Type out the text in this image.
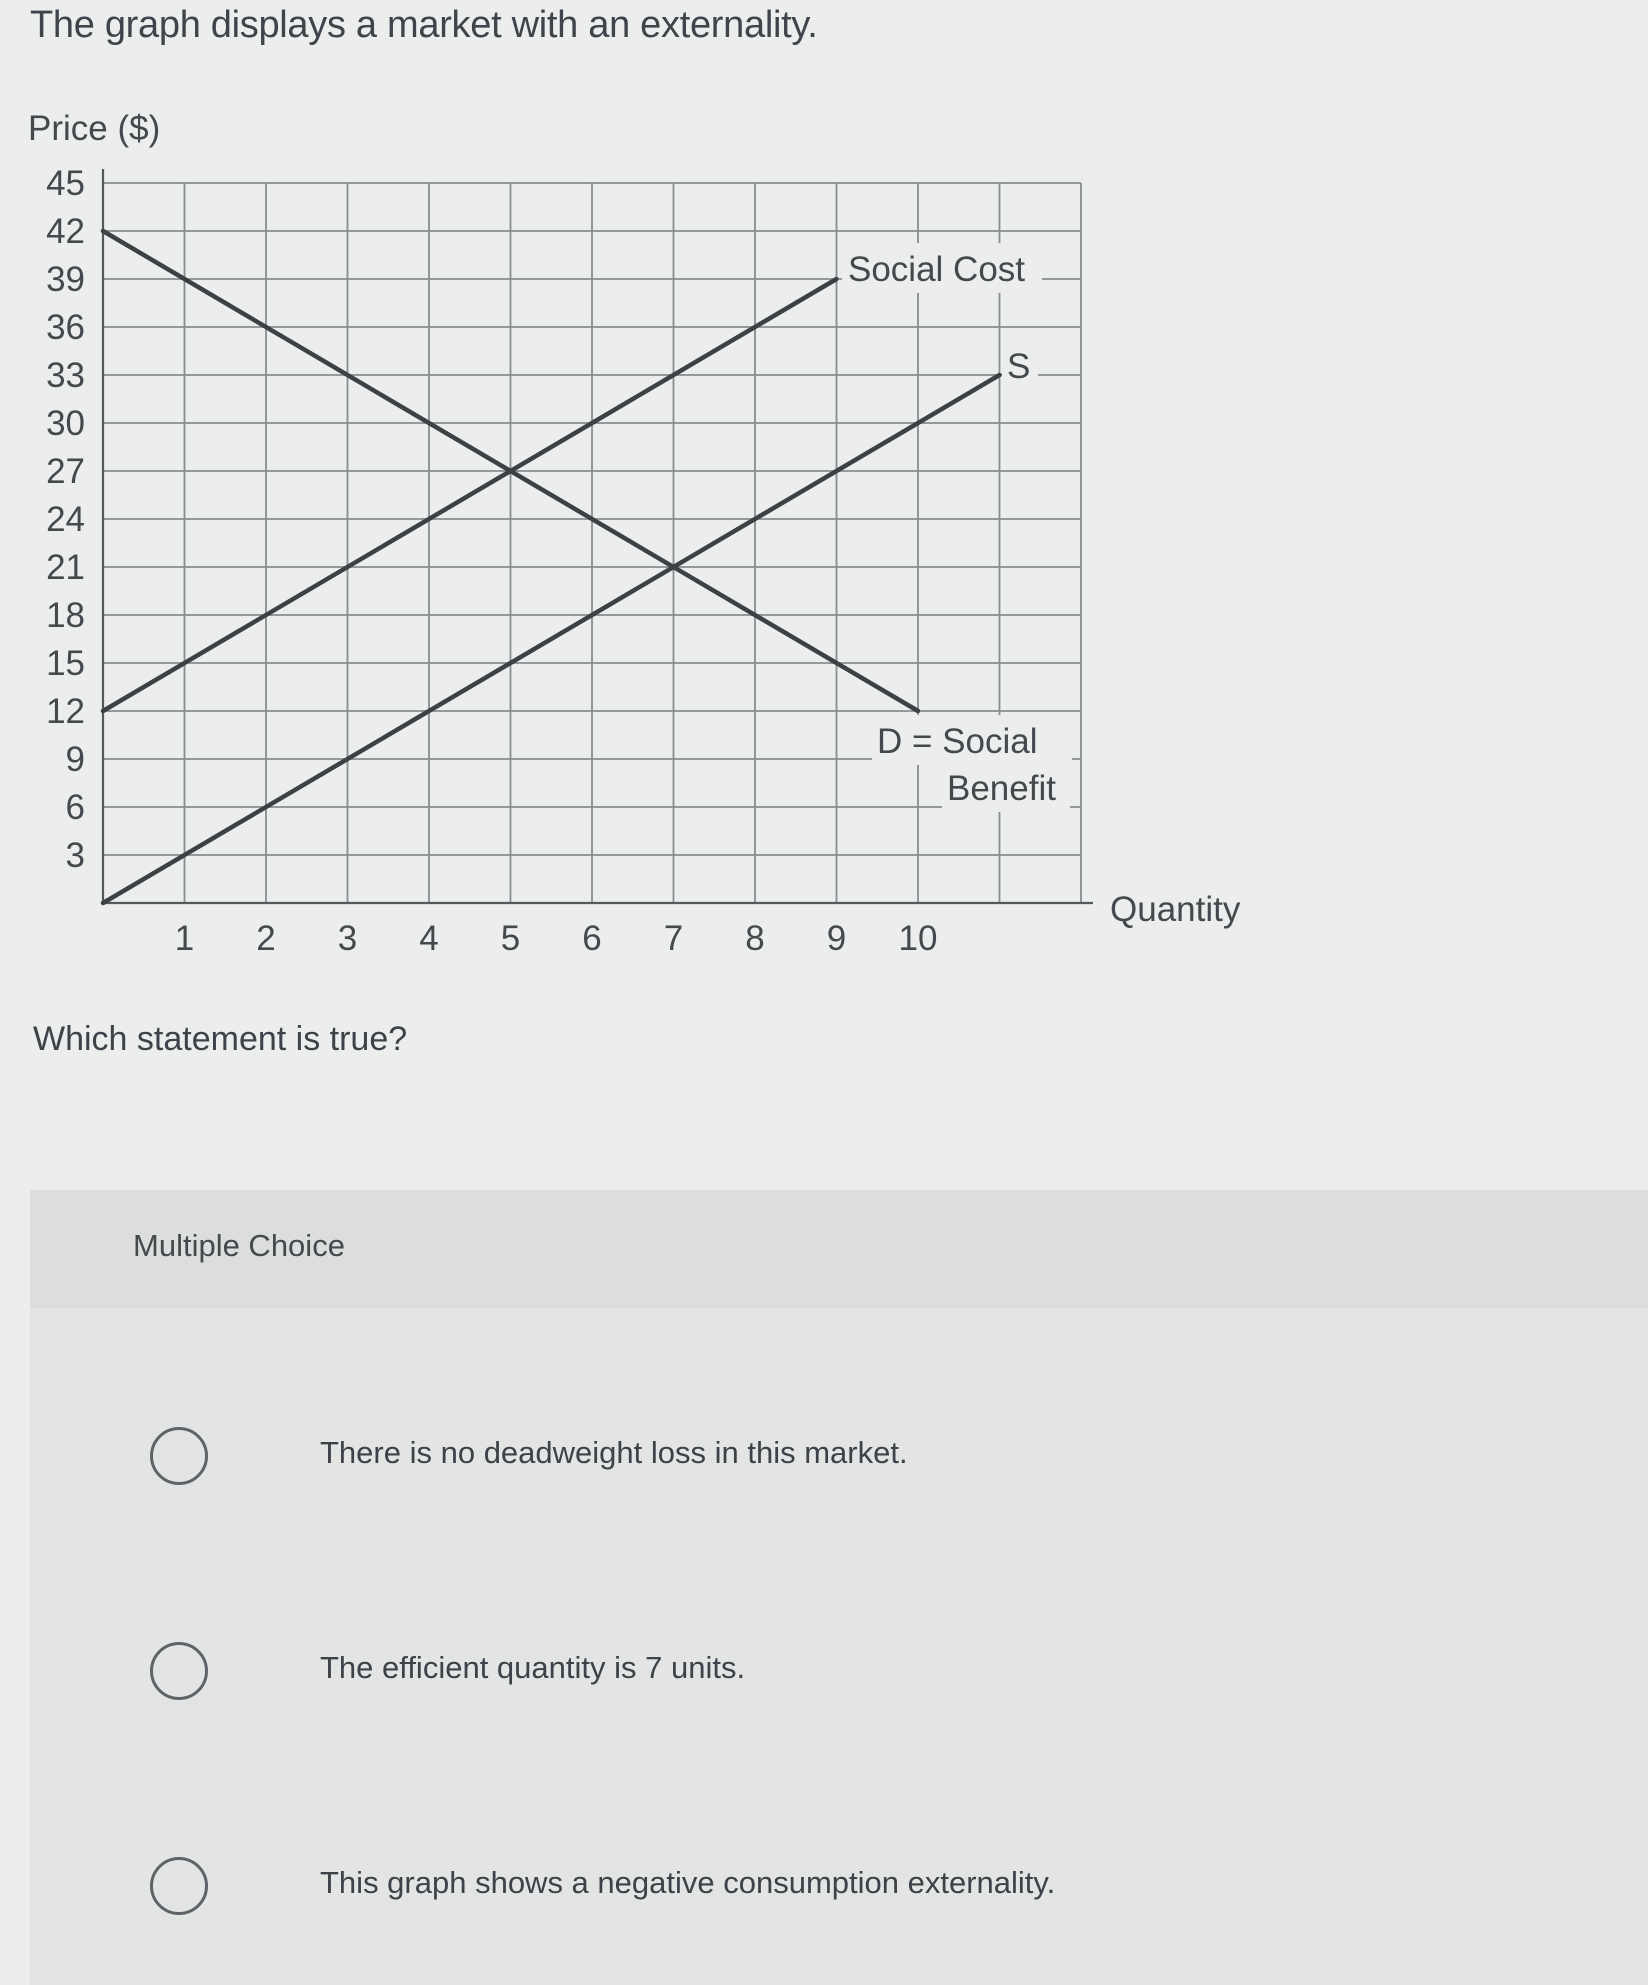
The graph displays a market with an externality.
Price ($)
Quantity
1 2 3 4 5 6 7 8 9 10
45
42
39
36
33
30
27
24
21
18
15
12
9
6
3
Social Cost
S
D = Social
Benefit
Which statement is true?
Multiple Choice
There is no deadweight loss in this market.
The efficient quantity is 7 units.
This graph shows a negative consumption externality.
